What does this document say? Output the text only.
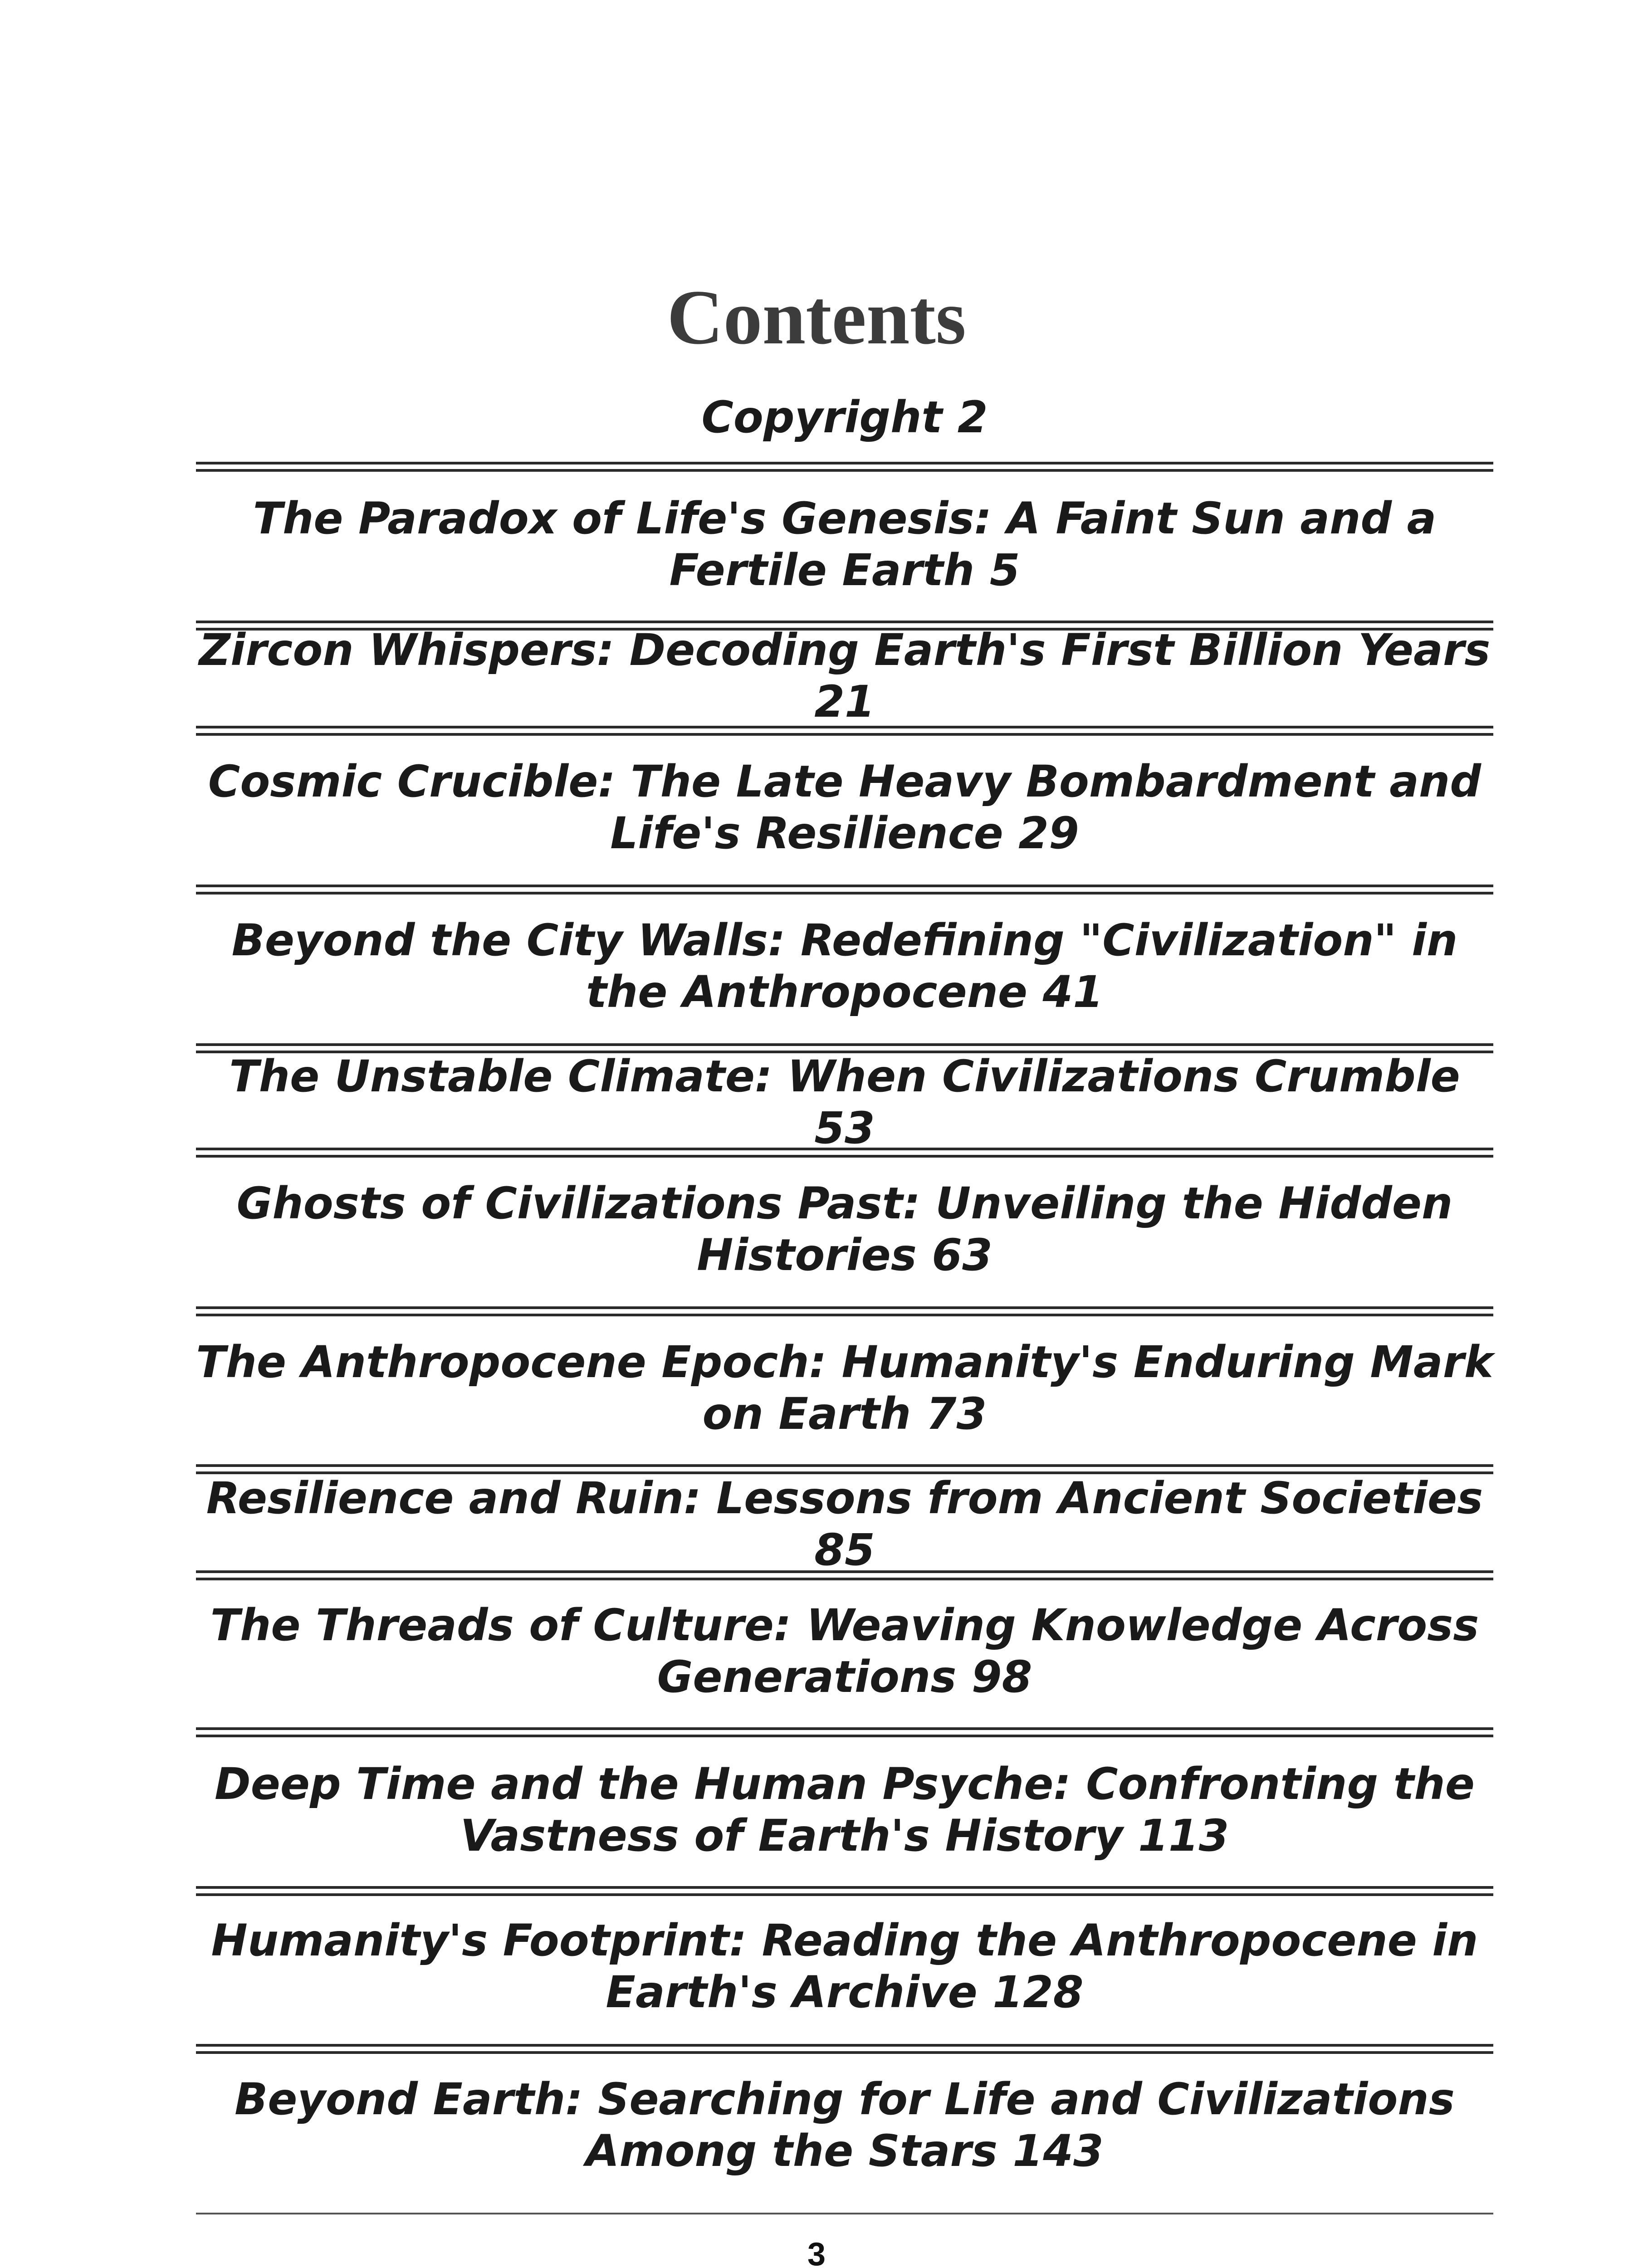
Contents
Copyright 2
The Paradox of Life's Genesis: A Faint Sun and a Fertile Earth 5
Zircon Whispers: Decoding Earth's First Billion Years 21
Cosmic Crucible: The Late Heavy Bombardment and Life's Resilience 29
Beyond the City Walls: Redefining "Civilization" in the Anthropocene 41
The Unstable Climate: When Civilizations Crumble 53
Ghosts of Civilizations Past: Unveiling the Hidden Histories 63
The Anthropocene Epoch: Humanity's Enduring Mark on Earth 73
Resilience and Ruin: Lessons from Ancient Societies 85
The Threads of Culture: Weaving Knowledge Across Generations 98
Deep Time and the Human Psyche: Confronting the Vastness of Earth's History 113
Humanity's Footprint: Reading the Anthropocene in Earth's Archive 128
Beyond Earth: Searching for Life and Civilizations Among the Stars 143
3
